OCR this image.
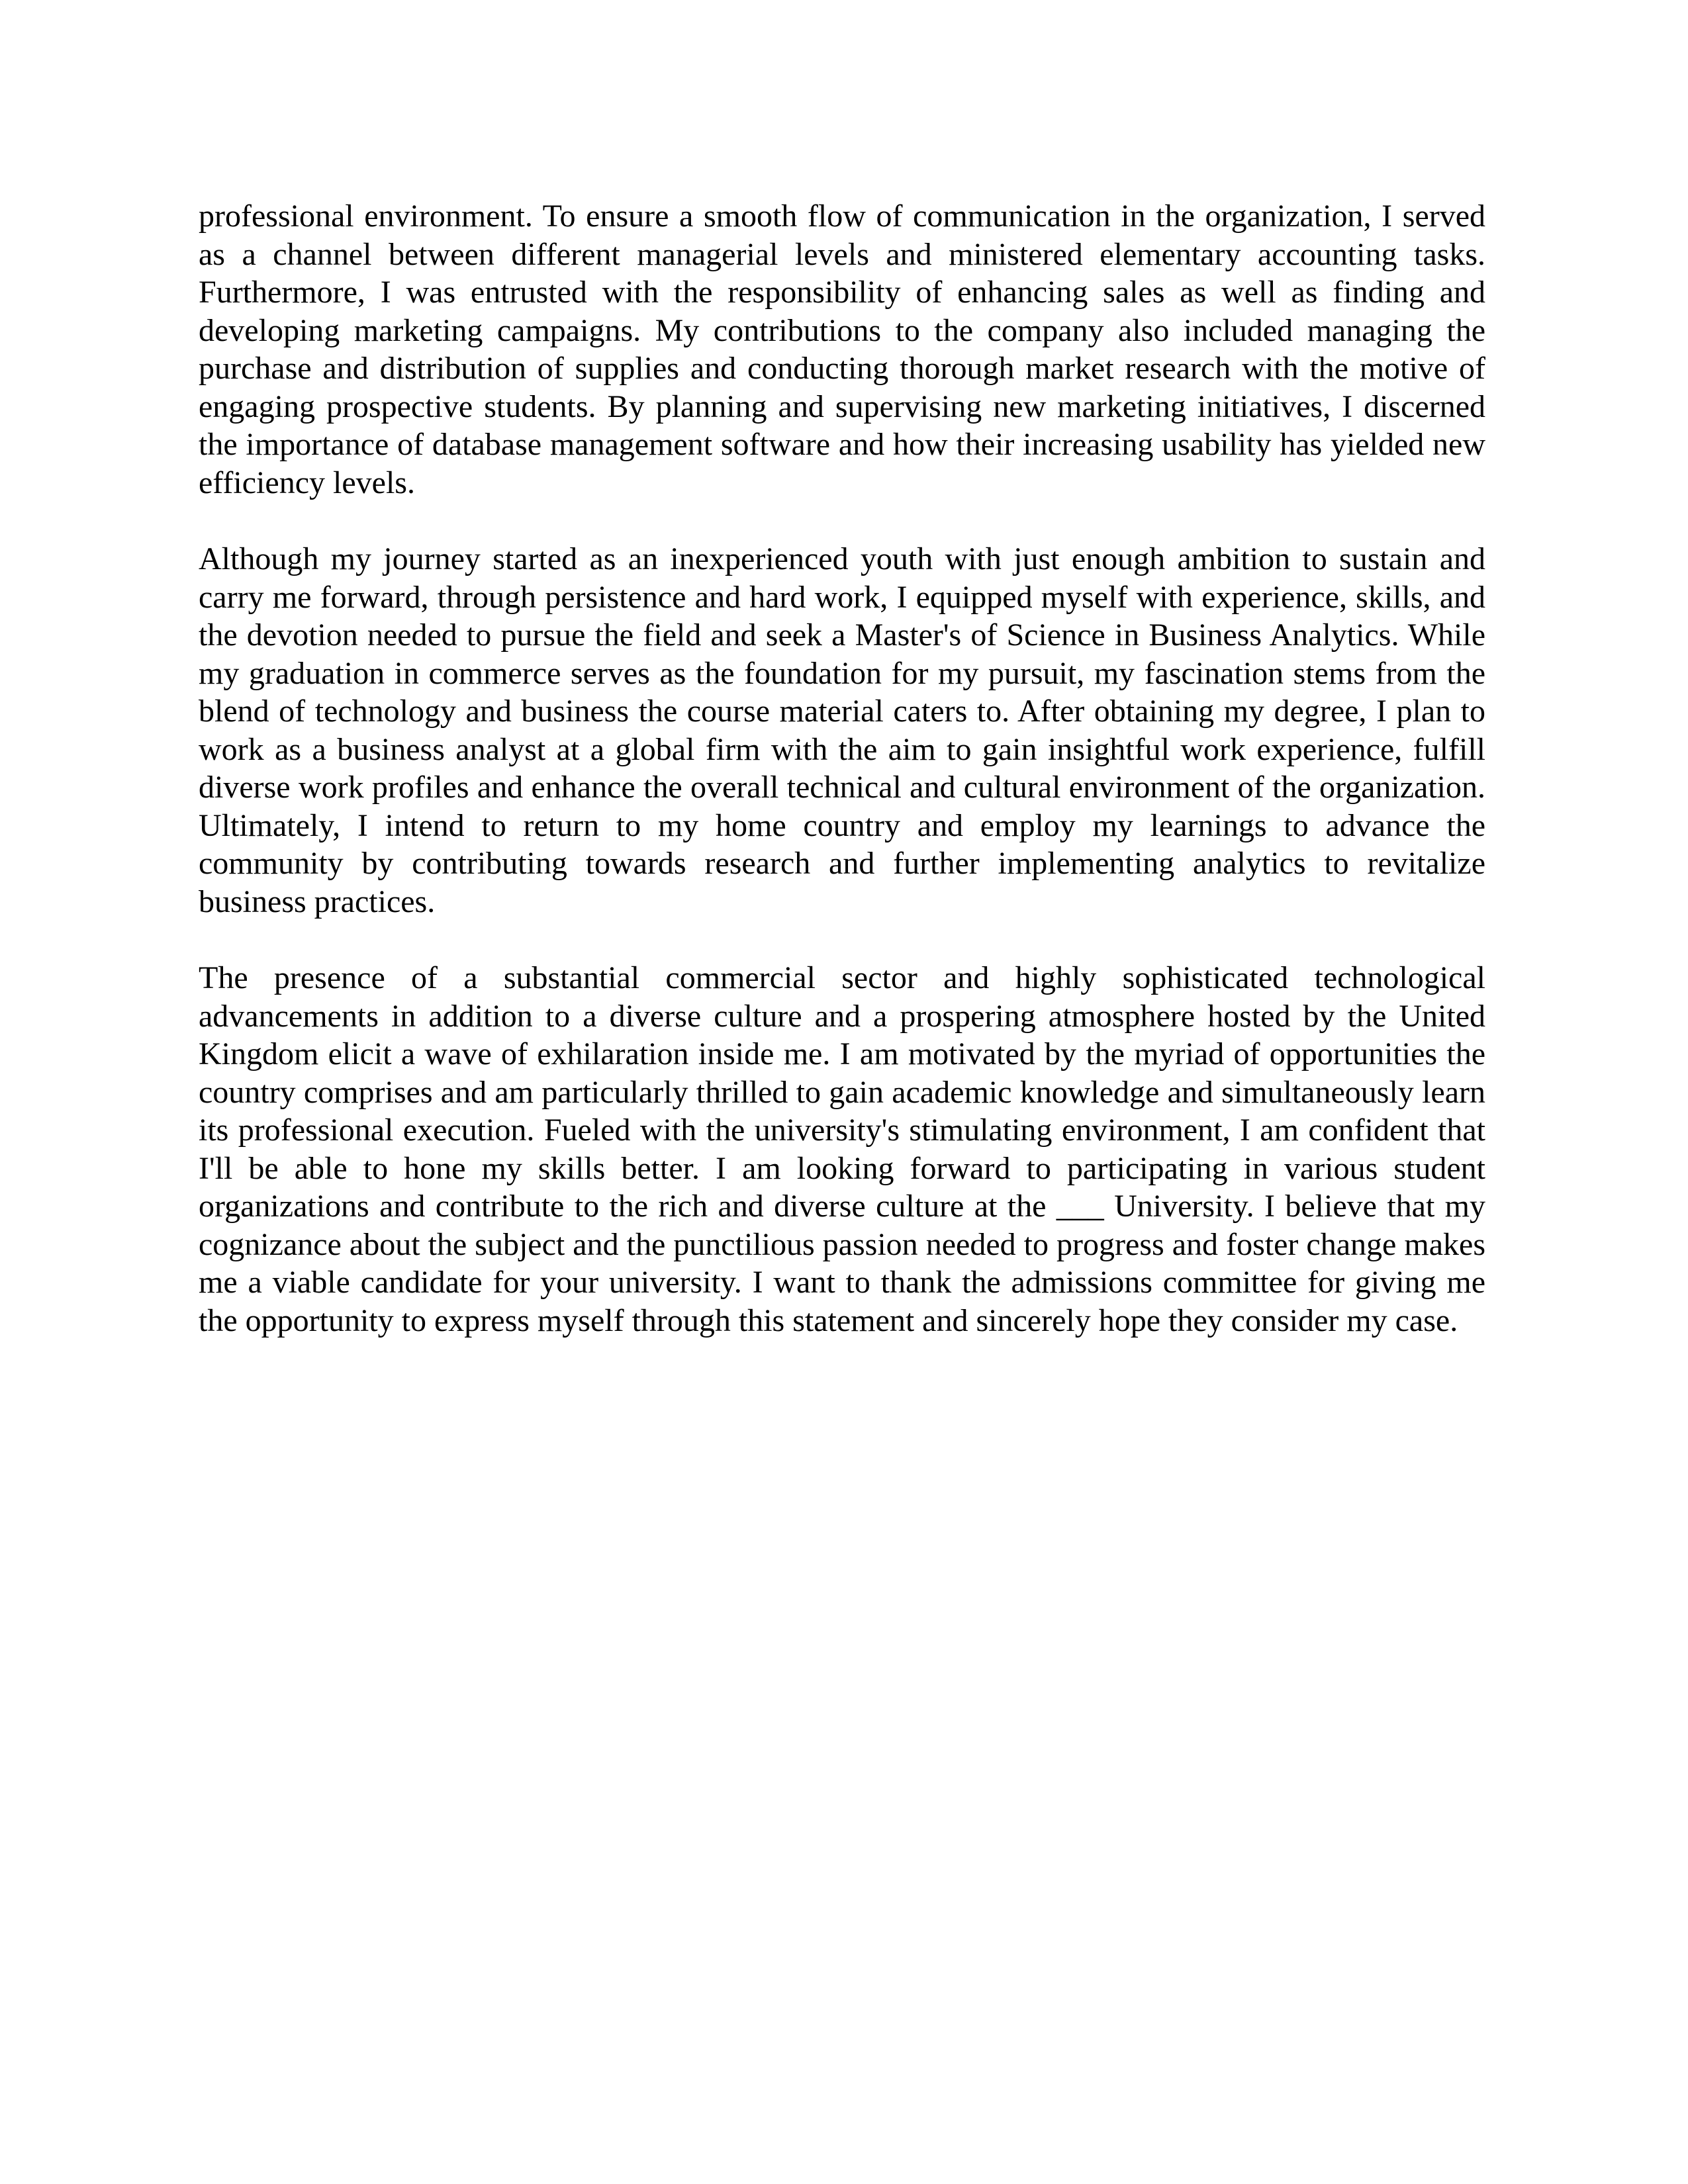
professional environment. To ensure a smooth flow of communication in the organization, I served as a channel between different managerial levels and ministered elementary accounting tasks. Furthermore, I was entrusted with the responsibility of enhancing sales as well as finding and developing marketing campaigns. My contributions to the company also included managing the purchase and distribution of supplies and conducting thorough market research with the motive of engaging prospective students. By planning and supervising new marketing initiatives, I discerned the importance of database management software and how their increasing usability has yielded new efficiency levels.

Although my journey started as an inexperienced youth with just enough ambition to sustain and carry me forward, through persistence and hard work, I equipped myself with experience, skills, and the devotion needed to pursue the field and seek a Master's of Science in Business Analytics. While my graduation in commerce serves as the foundation for my pursuit, my fascination stems from the blend of technology and business the course material caters to. After obtaining my degree, I plan to work as a business analyst at a global firm with the aim to gain insightful work experience, fulfill diverse work profiles and enhance the overall technical and cultural environment of the organization. Ultimately, I intend to return to my home country and employ my learnings to advance the community by contributing towards research and further implementing analytics to revitalize business practices.

The presence of a substantial commercial sector and highly sophisticated technological advancements in addition to a diverse culture and a prospering atmosphere hosted by the United Kingdom elicit a wave of exhilaration inside me. I am motivated by the myriad of opportunities the country comprises and am particularly thrilled to gain academic knowledge and simultaneously learn its professional execution. Fueled with the university's stimulating environment, I am confident that I'll be able to hone my skills better. I am looking forward to participating in various student organizations and contribute to the rich and diverse culture at the ___ University. I believe that my cognizance about the subject and the punctilious passion needed to progress and foster change makes me a viable candidate for your university. I want to thank the admissions committee for giving me the opportunity to express myself through this statement and sincerely hope they consider my case.
